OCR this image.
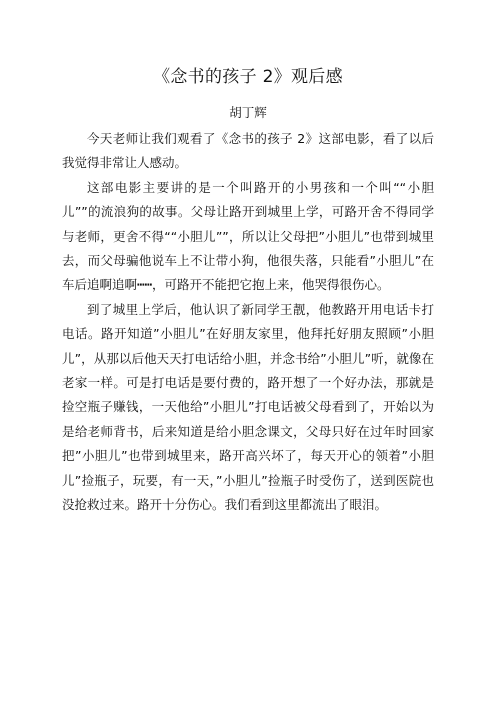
《念书的孩子 2》观后感
胡丁辉

今天老师让我们观看了《念书的孩子 2》这部电影，看了以后我觉得非常让人感动。

这部电影主要讲的是一个叫路开的小男孩和一个叫““小胆儿””的流浪狗的故事。父母让路开到城里上学，可路开舍不得同学与老师，更舍不得““小胆儿””，所以让父母把”小胆儿”也带到城里去，而父母骗他说车上不让带小狗，他很失落，只能看”小胆儿”在车后追啊追啊┅┅，可路开不能把它抱上来，他哭得很伤心。

到了城里上学后，他认识了新同学王靓，他教路开用电话卡打电话。路开知道”小胆儿”在好朋友家里，他拜托好朋友照顾”小胆儿”，从那以后他天天打电话给小胆，并念书给”小胆儿”听，就像在老家一样。可是打电话是要付费的，路开想了一个好办法，那就是捡空瓶子赚钱，一天他给”小胆儿”打电话被父母看到了，开始以为是给老师背书，后来知道是给小胆念课文，父母只好在过年时回家把”小胆儿”也带到城里来，路开高兴坏了，每天开心的领着”小胆儿”捡瓶子，玩要，有一天，”小胆儿”捡瓶子时受伤了，送到医院也没抢救过来。路开十分伤心。我们看到这里都流出了眼泪。
